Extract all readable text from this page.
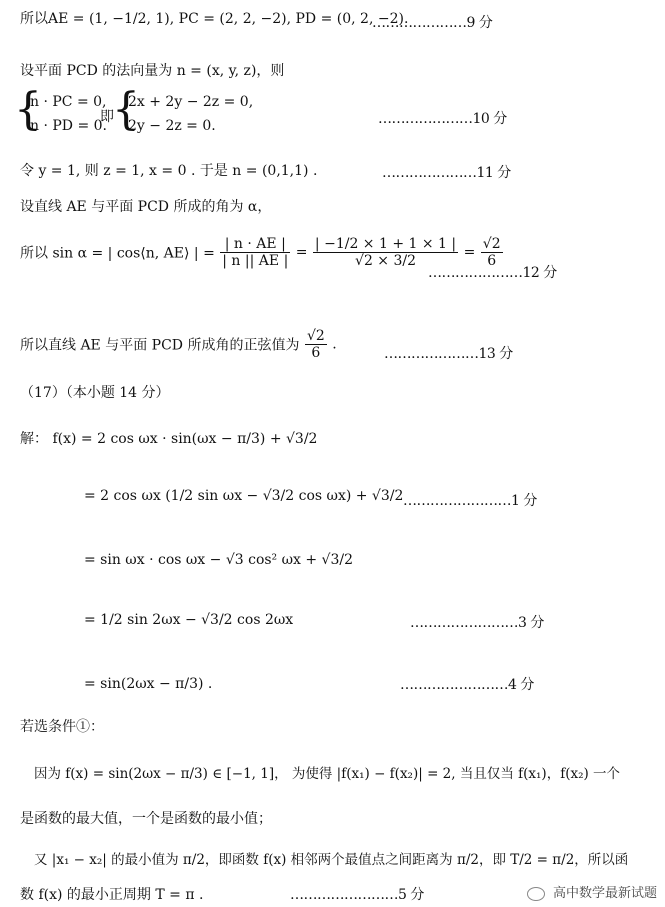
所以AE = (1, −1/2, 1), PC = (2, 2, −2), PD = (0, 2, −2).
…………………9 分
设平面 PCD 的法向量为 n = (x, y, z)，则
{
n · PC = 0,
n · PD = 0.
即
{
2x + 2y − 2z = 0,
2y − 2z = 0.	…………………10 分
令 y = 1, 则 z = 1, x = 0 . 于是 n = (0,1,1) .	…………………11 分
设直线 AE 与平面 PCD 所成的角为 α，
所以 sin α = | cos⟨n, AE⟩ | = $\frac{| n \cdot AE |}{| n || AE |} = \frac{| -1/2 \times 1 + 1 \times 1 |}{√2 \times 3/2} = \frac{√2}{6}$
…………………12 分
所以直线 AE 与平面 PCD 所成角的正弦值为 $\frac{√2}{6}$ .
…………………13 分
（17）（本小题 14 分）
解： f(x) = 2 cos ωx · sin(ωx − π/3) + √3/2
= 2 cos ωx (1/2 sin ωx − √3/2 cos ωx) + √3/2 ……………………1 分
= sin ωx · cos ωx − √3 cos² ωx + √3/2
= 1/2 sin 2ωx − √3/2 cos 2ωx	……………………3 分
= sin(2ωx − π/3) .	……………………4 分
若选条件①：
因为 f(x) = sin(2ωx − π/3) ∈ [−1, 1]， 为使得 |f(x₁) − f(x₂)| = 2, 当且仅当 f(x₁)，f(x₂) 一个
是函数的最大值，一个是函数的最小值；
又 |x₁ − x₂| 的最小值为 π/2，即函数 f(x) 相邻两个最值点之间距离为 π/2，即 T/2 = π/2，所以函
数 f(x) 的最小正周期 T = π .	……………………5 分	高中数学最新试题
